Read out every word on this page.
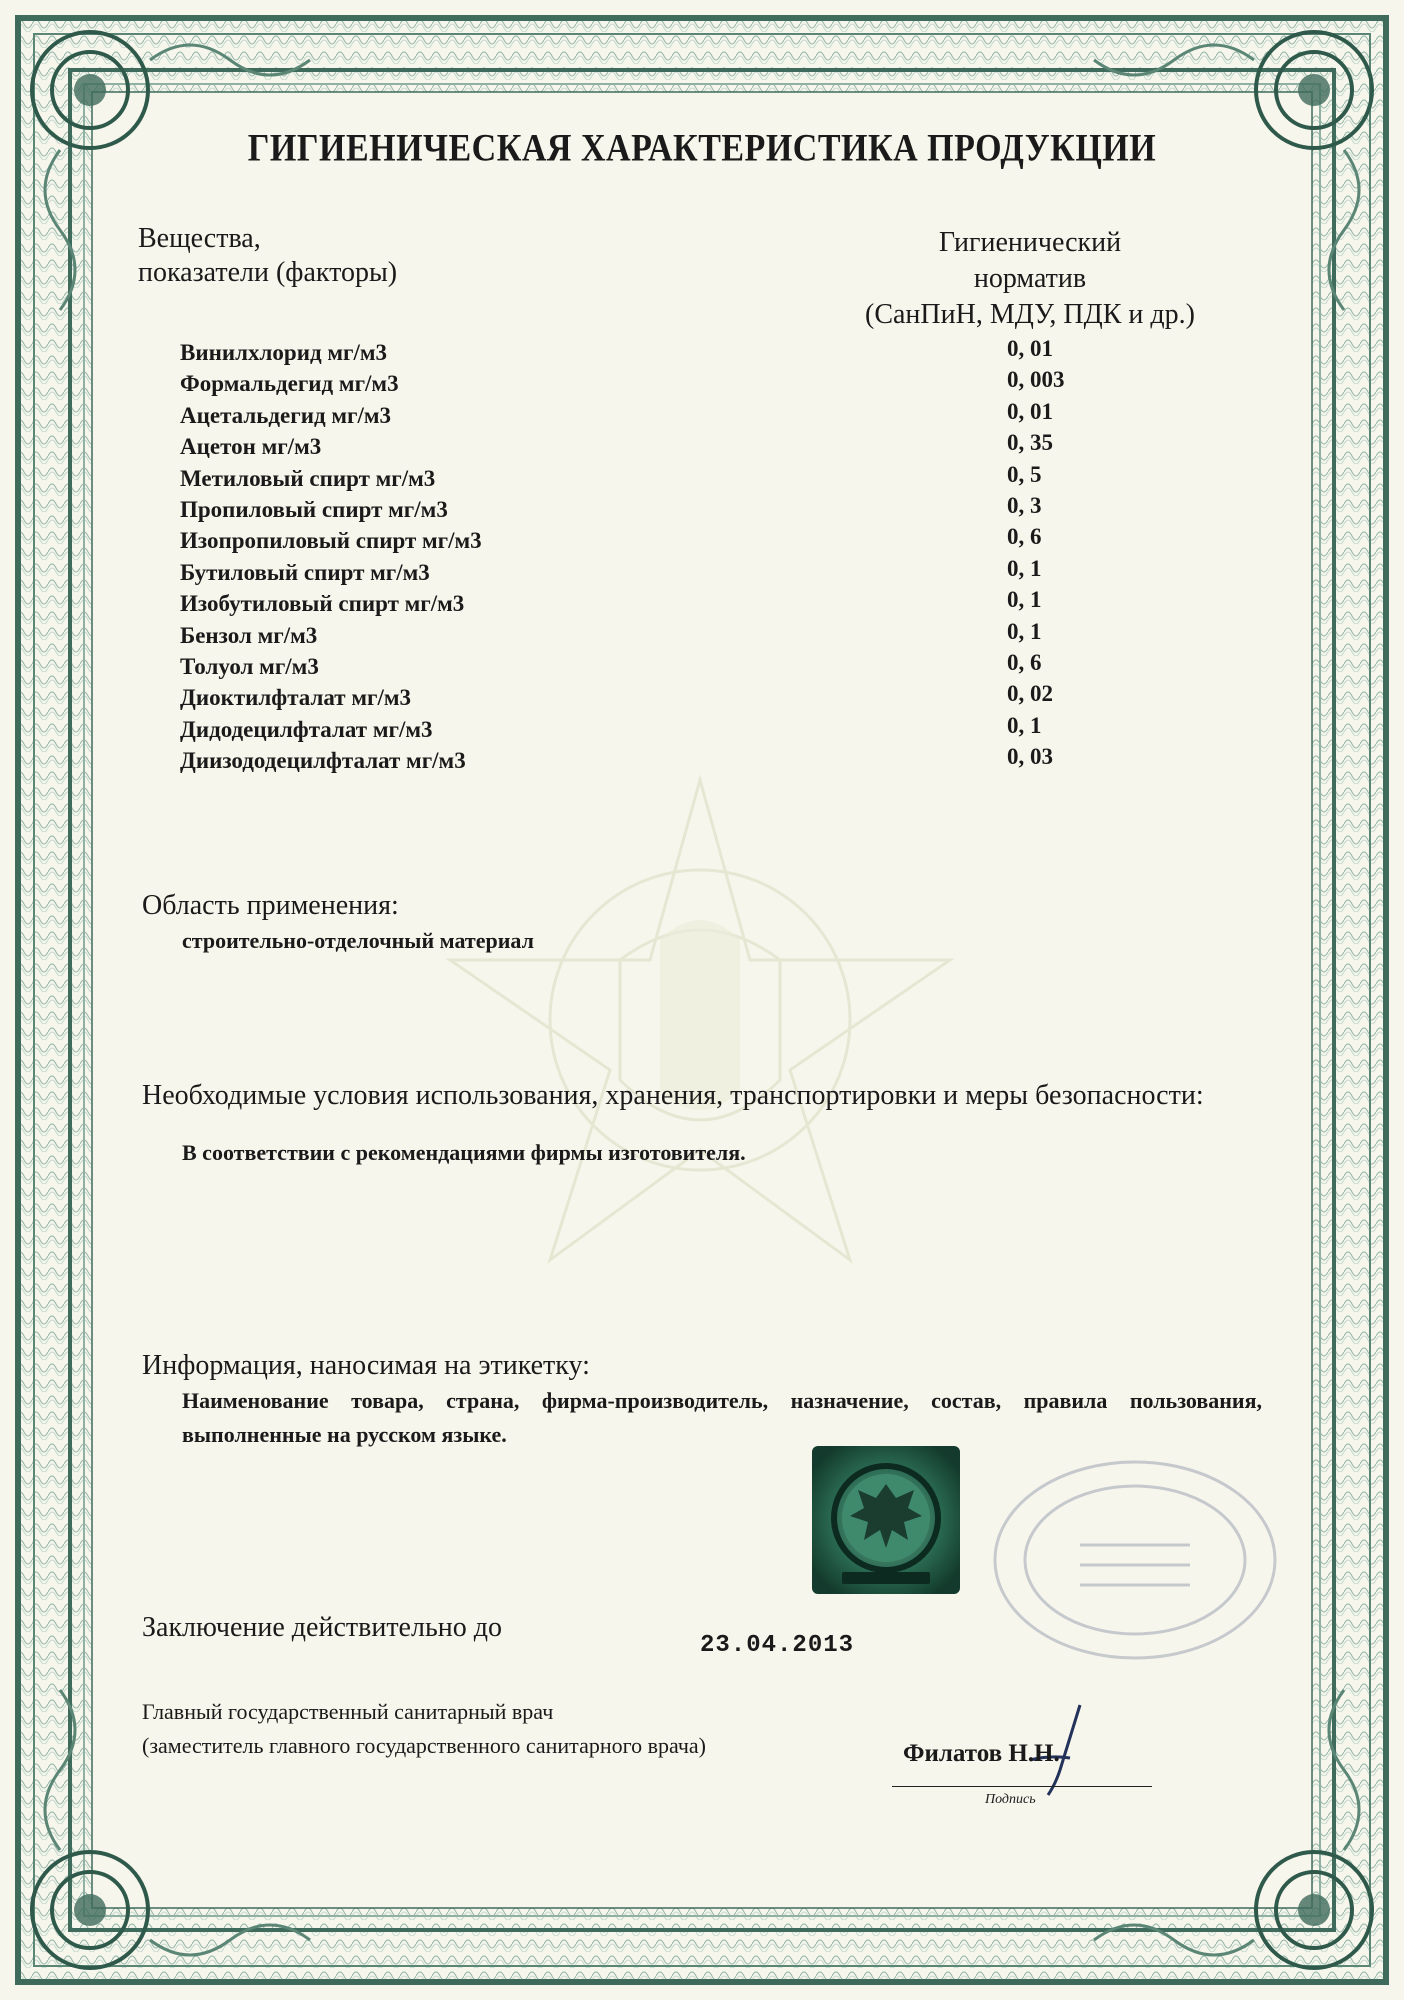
ГИГИЕНИЧЕСКАЯ ХАРАКТЕРИСТИКА ПРОДУКЦИИ
Вещества,
показатели (факторы)
Гигиенический
норматив
(СанПиН, МДУ, ПДК и др.)
Винилхлорид мг/м3	0, 01
Формальдегид мг/м3	0, 003
Ацетальдегид мг/м3	0, 01
Ацетон мг/м3	0, 35
Метиловый спирт мг/м3	0, 5
Пропиловый спирт мг/м3	0, 3
Изопропиловый спирт мг/м3	0, 6
Бутиловый спирт мг/м3	0, 1
Изобутиловый спирт мг/м3	0, 1
Бензол мг/м3	0, 1
Толуол мг/м3	0, 6
Диоктилфталат мг/м3	0, 02
Дидодецилфталат мг/м3	0, 1
Диизододецилфталат мг/м3	0, 03
Область применения:
строительно-отделочный материал
Необходимые условия использования, хранения, транспортировки и меры безопасности:
В соответствии с рекомендациями фирмы изготовителя.
Информация, наносимая на этикетку:
Наименование товара, страна, фирма-производитель, назначение, состав, правила пользования, выполненные на русском языке.
Заключение действительно до
23.04.2013
Главный государственный санитарный врач
(заместитель главного государственного санитарного врача)	Филатов Н.Н.
Подпись
